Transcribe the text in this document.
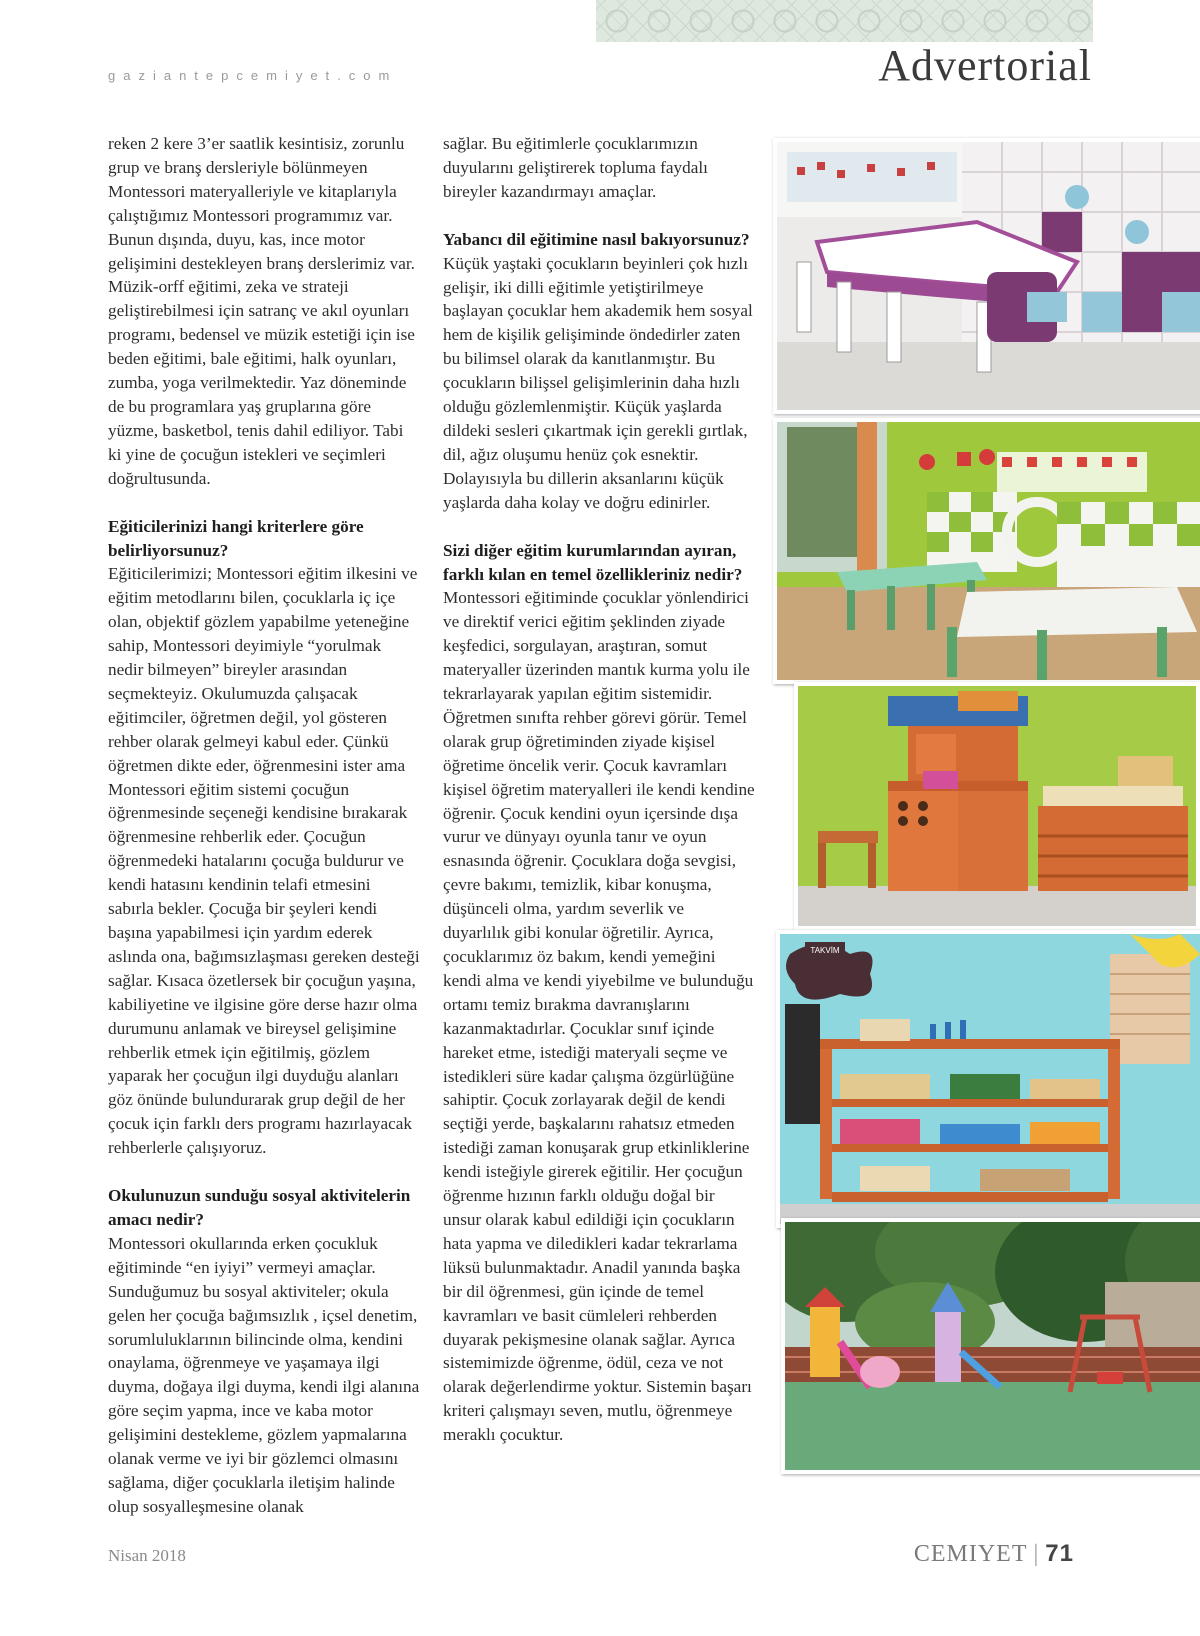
gaziantepcemiyet.com	Advertorial

reken 2 kere 3’er saatlik kesintisiz, zorunlu grup ve branş dersleriyle bölünmeyen Montessori materyalleriyle ve kitaplarıyla çalıştığımız Montessori programımız var. Bunun dışında, duyu, kas, ince motor gelişimini destekleyen branş derslerimiz var. Müzik-orff eğitimi, zeka ve strateji geliştirebilmesi için satranç ve akıl oyunları programı, bedensel ve müzik estetiği için ise beden eğitimi, bale eğitimi, halk oyunları, zumba, yoga verilmektedir. Yaz döneminde de bu programlara yaş gruplarına göre yüzme, basketbol, tenis dahil ediliyor. Tabi ki yine de çocuğun istekleri ve seçimleri doğrultusunda.

Eğiticilerinizi hangi kriterlere göre belirliyorsunuz?

Eğiticilerimizi; Montessori eğitim ilkesini ve eğitim metodlarını bilen, çocuklarla iç içe olan, objektif gözlem yapabilme yeteneğine sahip, Montessori deyimiyle “yorulmak nedir bilmeyen” bireyler arasından seçmekteyiz. Okulumuzda çalışacak eğitimciler, öğretmen değil, yol gösteren rehber olarak gelmeyi kabul eder. Çünkü öğretmen dikte eder, öğrenmesini ister ama Montessori eğitim sistemi çocuğun öğrenmesinde seçeneği kendisine bırakarak öğrenmesine rehberlik eder. Çocuğun öğrenmedeki hatalarını çocuğa buldurur ve kendi hatasını kendinin telafi etmesini sabırla bekler. Çocuğa bir şeyleri kendi başına yapabilmesi için yardım ederek aslında ona, bağımsızlaşması gereken desteği sağlar. Kısaca özetlersek bir çocuğun yaşına, kabiliyetine ve ilgisine göre derse hazır olma durumunu anlamak ve bireysel gelişimine rehberlik etmek için eğitilmiş, gözlem yaparak her çocuğun ilgi duyduğu alanları göz önünde bulundurarak grup değil de her çocuk için farklı ders programı hazırlayacak rehberlerle çalışıyoruz.

Okulunuzun sunduğu sosyal aktivitelerin amacı nedir?

Montessori okullarında erken çocukluk eğitiminde “en iyiyi” vermeyi amaçlar. Sunduğumuz bu sosyal aktiviteler; okula gelen her çocuğa bağımsızlık , içsel denetim, sorumluluklarının bilincinde olma, kendini onaylama, öğrenmeye ve yaşamaya ilgi duyma, doğaya ilgi duyma, kendi ilgi alanına göre seçim yapma, ince ve kaba motor gelişimini destekleme, gözlem yapmalarına olanak verme ve iyi bir gözlemci olmasını sağlama, diğer çocuklarla iletişim halinde olup sosyalleşmesine olanak

sağlar. Bu eğitimlerle çocuklarımızın duyularını geliştirerek topluma faydalı bireyler kazandırmayı amaçlar.

Yabancı dil eğitimine nasıl bakıyorsunuz?

Küçük yaştaki çocukların beyinleri çok hızlı gelişir, iki dilli eğitimle yetiştirilmeye başlayan çocuklar hem akademik hem sosyal hem de kişilik gelişiminde öndedirler zaten bu bilimsel olarak da kanıtlanmıştır. Bu çocukların bilişsel gelişimlerinin daha hızlı olduğu gözlemlenmiştir. Küçük yaşlarda dildeki sesleri çıkartmak için gerekli gırtlak, dil, ağız oluşumu henüz çok esnektir. Dolayısıyla bu dillerin aksanlarını küçük yaşlarda daha kolay ve doğru edinirler.

Sizi diğer eğitim kurumlarından ayıran, farklı kılan en temel özellikleriniz nedir?

Montessori eğitiminde çocuklar yönlendirici ve direktif verici eğitim şeklinden ziyade keşfedici, sorgulayan, araştıran, somut materyaller üzerinden mantık kurma yolu ile tekrarlayarak yapılan eğitim sistemidir. Öğretmen sınıfta rehber görevi görür. Temel olarak grup öğretiminden ziyade kişisel öğretime öncelik verir. Çocuk kavramları kişisel öğretim materyalleri ile kendi kendine öğrenir. Çocuk kendini oyun içersinde dışa vurur ve dünyayı oyunla tanır ve oyun esnasında öğrenir. Çocuklara doğa sevgisi, çevre bakımı, temizlik, kibar konuşma, düşünceli olma, yardım severlik ve duyarlılık gibi konular öğretilir. Ayrıca, çocuklarımız öz bakım, kendi yemeğini kendi alma ve kendi yiyebilme ve bulunduğu ortamı temiz bırakma davranışlarını kazanmaktadırlar. Çocuklar sınıf içinde hareket etme, istediği materyali seçme ve istedikleri süre kadar çalışma özgürlüğüne sahiptir. Çocuk zorlayarak değil de kendi seçtiği yerde, başkalarını rahatsız etmeden istediği zaman konuşarak grup etkinliklerine kendi isteğiyle girerek eğitilir. Her çocuğun öğrenme hızının farklı olduğu doğal bir unsur olarak kabul edildiği için çocukların hata yapma ve diledikleri kadar tekrarlama lüksü bulunmaktadır. Anadil yanında başka bir dil öğrenmesi, gün içinde de temel kavramları ve basit cümleleri rehberden duyarak pekişmesine olanak sağlar. Ayrıca sistemimizde öğrenme, ödül, ceza ve not olarak değerlendirme yoktur. Sistemin başarı kriteri çalışmayı seven, mutlu, öğrenmeye meraklı çocuktur.

TAKVİM
Nisan 2018	CEMIYET | 71
